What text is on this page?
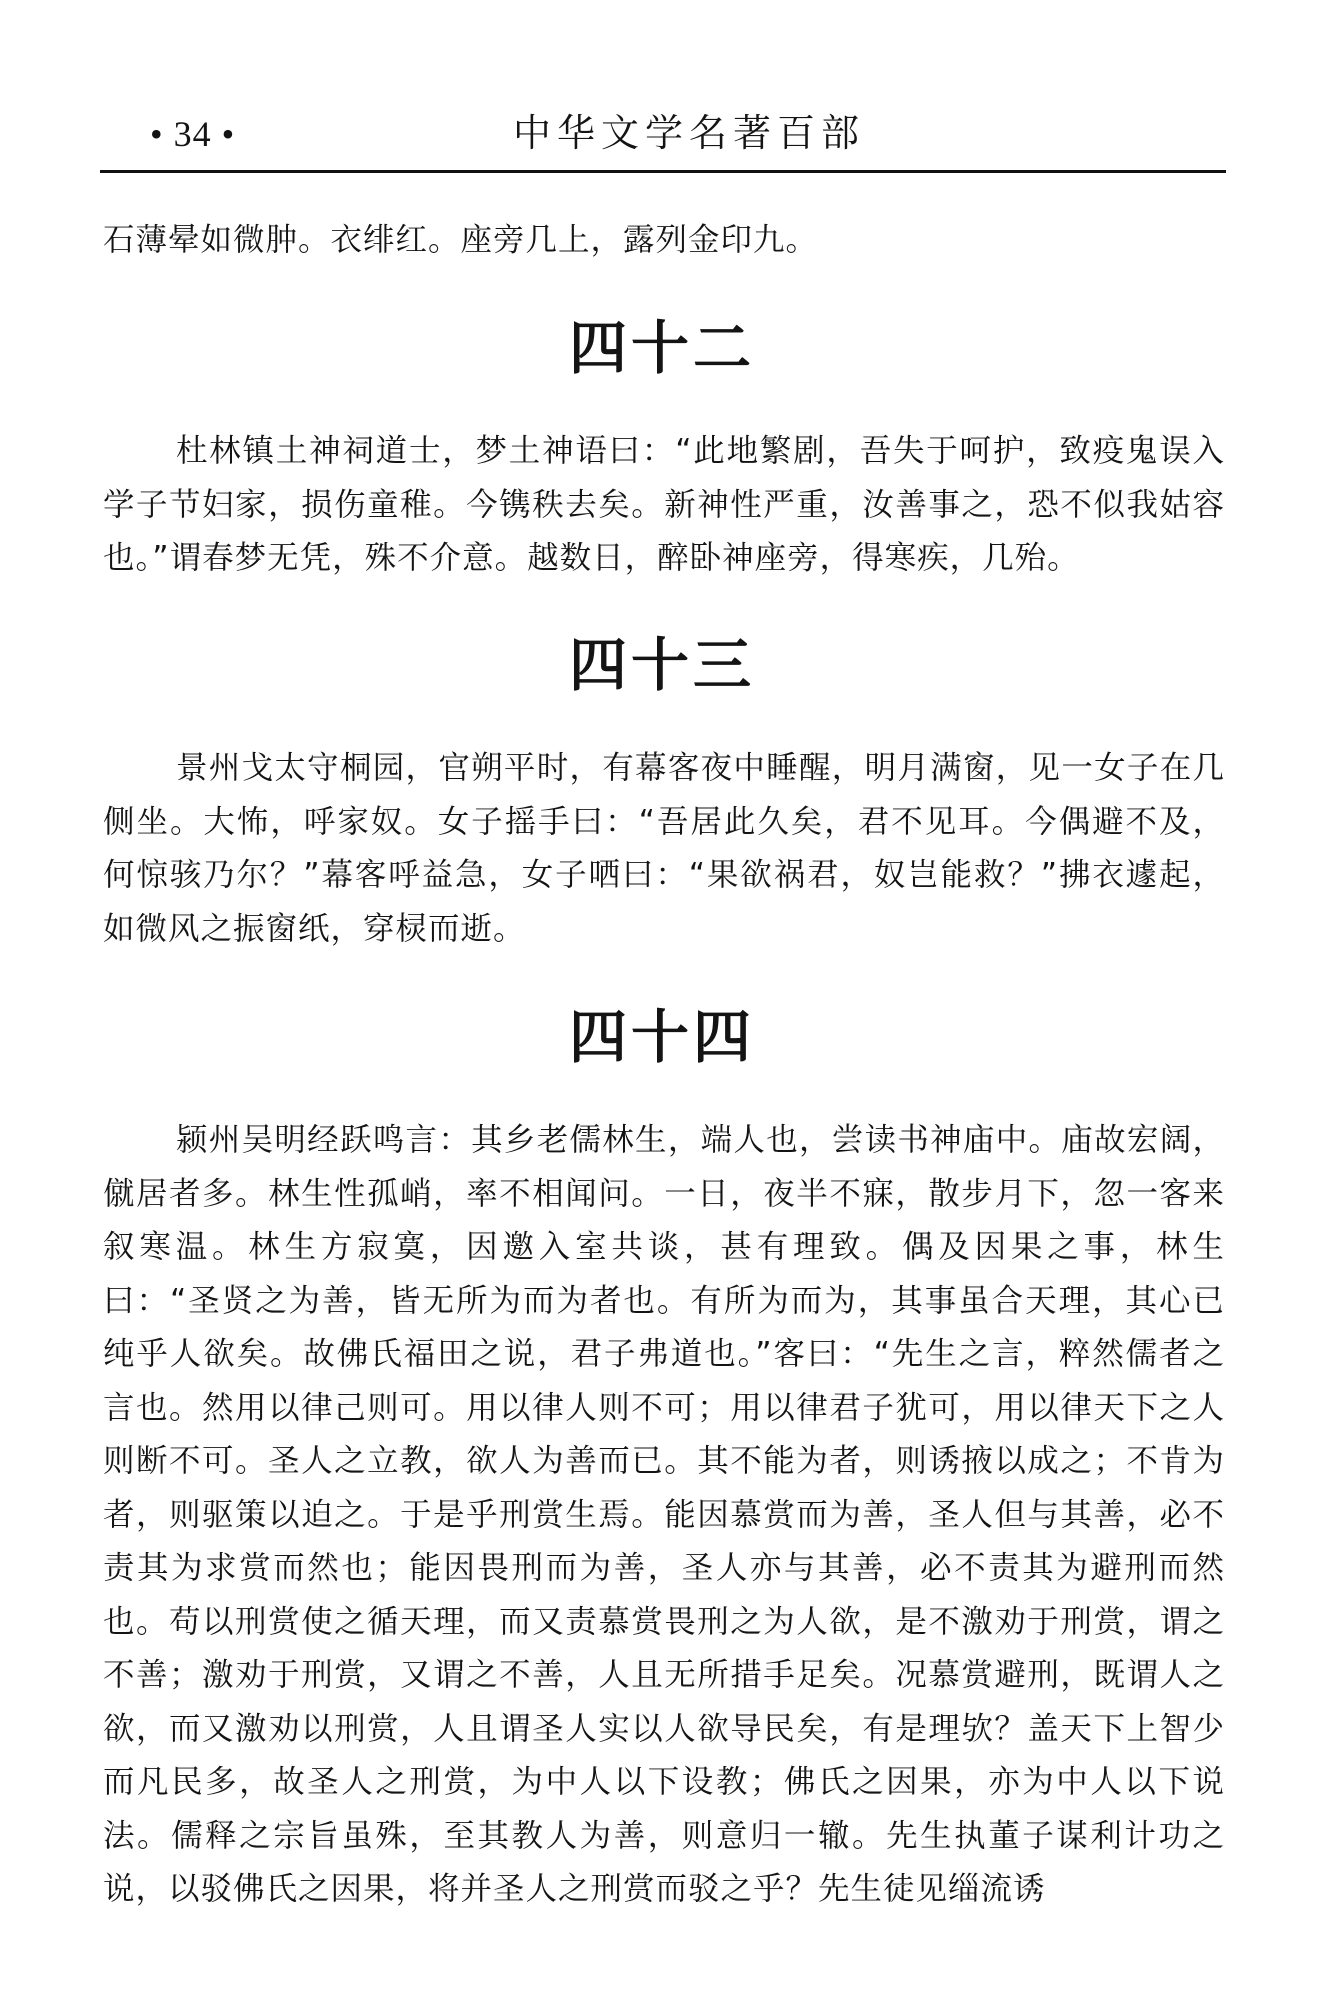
• 34 •	中华文学名著百部
石薄晕如微肿。衣绯红。座旁几上，露列金印九。
四十二

杜林镇土神祠道士，梦土神语曰：“此地繁剧，吾失于呵护，致疫鬼误入学子节妇家，损伤童稚。今镌秩去矣。新神性严重，汝善事之，恐不似我姑容也。”谓春梦无凭，殊不介意。越数日，醉卧神座旁，得寒疾，几殆。

四十三

景州戈太守桐园，官朔平时，有幕客夜中睡醒，明月满窗，见一女子在几侧坐。大怖，呼家奴。女子摇手曰：“吾居此久矣，君不见耳。今偶避不及，何惊骇乃尔？”幕客呼益急，女子哂曰：“果欲祸君，奴岂能救？”拂衣遽起，如微风之振窗纸，穿棂而逝。

四十四

颍州吴明经跃鸣言：其乡老儒林生，端人也，尝读书神庙中。庙故宏阔，僦居者多。林生性孤峭，率不相闻问。一日，夜半不寐，散步月下，忽一客来叙寒温。林生方寂寞，因邀入室共谈，甚有理致。偶及因果之事，林生曰：“圣贤之为善，皆无所为而为者也。有所为而为，其事虽合天理，其心已纯乎人欲矣。故佛氏福田之说，君子弗道也。”客曰：“先生之言，粹然儒者之言也。然用以律己则可。用以律人则不可；用以律君子犹可，用以律天下之人则断不可。圣人之立教，欲人为善而已。其不能为者，则诱掖以成之；不肯为者，则驱策以迫之。于是乎刑赏生焉。能因慕赏而为善，圣人但与其善，必不责其为求赏而然也；能因畏刑而为善，圣人亦与其善，必不责其为避刑而然也。苟以刑赏使之循天理，而又责慕赏畏刑之为人欲，是不激劝于刑赏，谓之不善；激劝于刑赏，又谓之不善，人且无所措手足矣。况慕赏避刑，既谓人之欲，而又激劝以刑赏，人且谓圣人实以人欲导民矣，有是理欤？盖天下上智少而凡民多，故圣人之刑赏，为中人以下设教；佛氏之因果，亦为中人以下说法。儒释之宗旨虽殊，至其教人为善，则意归一辙。先生执董子谋利计功之说，以驳佛氏之因果，将并圣人之刑赏而驳之乎？先生徒见缁流诱
